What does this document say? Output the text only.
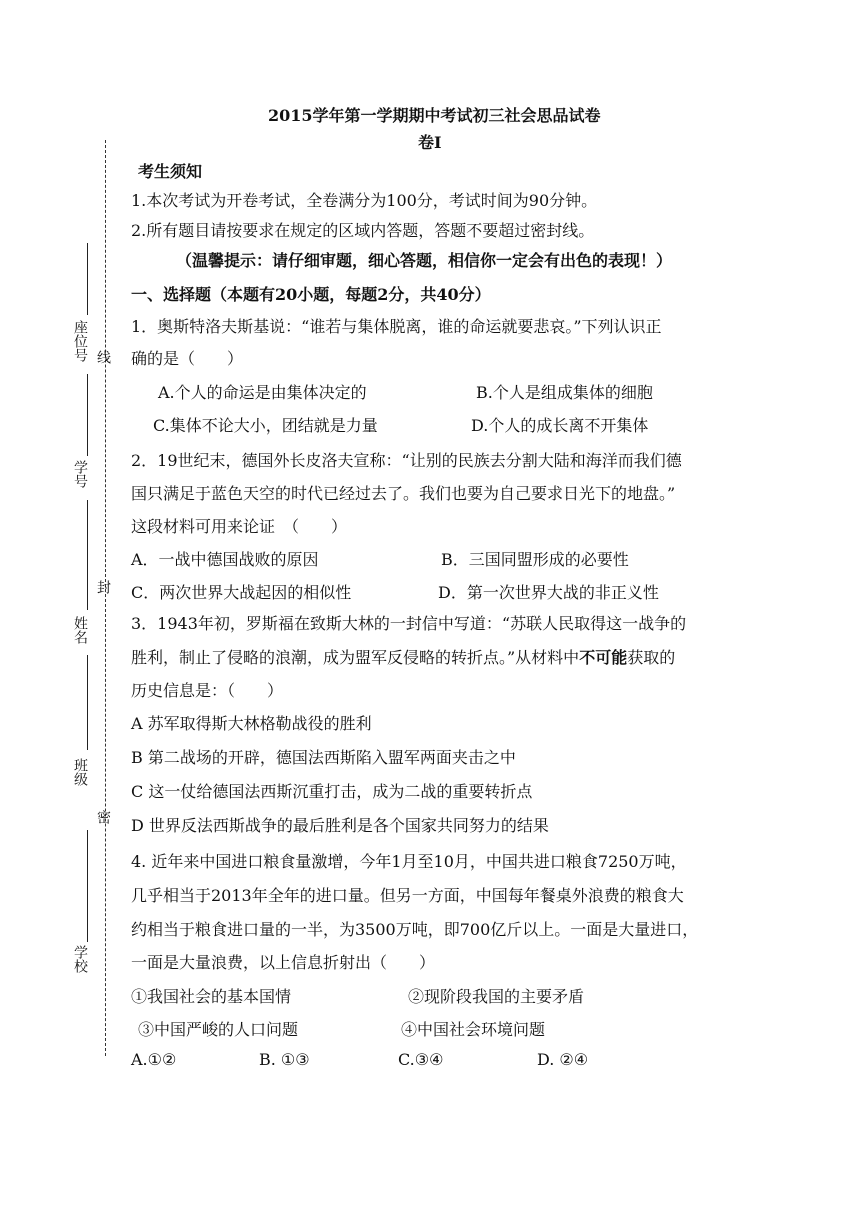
座位号 线
学号
封
姓名
班级
密
学校
2015学年第一学期期中考试初三社会思品试卷
卷Ⅰ
考生须知
1.本次考试为开卷考试，全卷满分为100分，考试时间为90分钟。
2.所有题目请按要求在规定的区域内答题，答题不要超过密封线。
（温馨提示：请仔细审题，细心答题，相信你一定会有出色的表现！）
一、选择题（本题有20小题，每题2分，共40分）
1．奥斯特洛夫斯基说：“谁若与集体脱离，谁的命运就要悲哀。”下列认识正
确的是（　　）
A.个人的命运是由集体决定的	B.个人是组成集体的细胞
C.集体不论大小，团结就是力量	D.个人的成长离不开集体
2．19世纪末，德国外长皮洛夫宣称：“让别的民族去分割大陆和海洋而我们德
国只满足于蓝色天空的时代已经过去了。我们也要为自己要求日光下的地盘。”
这段材料可用来论证　（　　）
A．一战中德国战败的原因	B．三国同盟形成的必要性
C．两次世界大战起因的相似性	D．第一次世界大战的非正义性
3．1943年初，罗斯福在致斯大林的一封信中写道：“苏联人民取得这一战争的
胜利，制止了侵略的浪潮，成为盟军反侵略的转折点。”从材料中不可能获取的
历史信息是：（　　）
A 苏军取得斯大林格勒战役的胜利
B 第二战场的开辟，德国法西斯陷入盟军两面夹击之中
C 这一仗给德国法西斯沉重打击，成为二战的重要转折点
D 世界反法西斯战争的最后胜利是各个国家共同努力的结果
4. 近年来中国进口粮食量激增，今年1月至10月，中国共进口粮食7250万吨，
几乎相当于2013年全年的进口量。但另一方面，中国每年餐桌外浪费的粮食大
约相当于粮食进口量的一半，为3500万吨，即700亿斤以上。一面是大量进口，
一面是大量浪费，以上信息折射出（　　）
①我国社会的基本国情	②现阶段我国的主要矛盾
③中国严峻的人口问题	④中国社会环境问题
A.①②	B. ①③	C.③④	D. ②④
